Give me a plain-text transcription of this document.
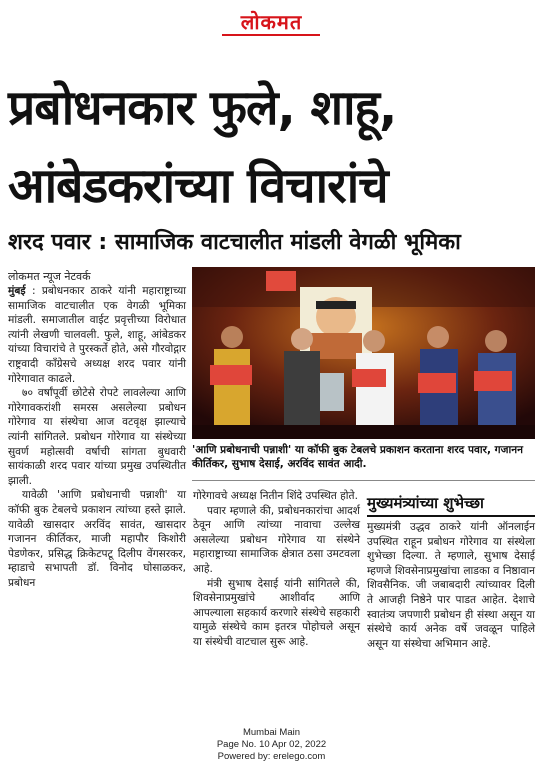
लोकमत
प्रबोधनकार फुले, शाहू,
आंबेडकरांच्या विचारांचे
शरद पवार : सामाजिक वाटचालीत मांडली वेगळी भूमिका
लोकमत न्यूज नेटवर्क

मुंबई : प्रबोधनकार ठाकरे यांनी महाराष्ट्राच्या सामाजिक वाटचालीत एक वेगळी भूमिका मांडली. समाजातील वाईट प्रवृत्तीच्या विरोधात त्यांनी लेखणी चालवली. फुले, शाहू, आंबेडकर यांच्या विचारांचे ते पुरस्कर्ते होते, असे गौरवोद्गार राष्ट्रवादी काँग्रेसचे अध्यक्ष शरद पवार यांनी गोरेगावात काढले.

७० वर्षांपूर्वी छोटेसे रोपटे लावलेल्या आणि गोरेगावकरांशी समरस असलेल्या प्रबोधन गोरेगाव या संस्थेचा आज वटवृक्ष झाल्याचे त्यांनी सांगितले. प्रबोधन गोरेगाव या संस्थेच्या सुवर्ण महोत्सवी वर्षाची सांगता बुधवारी सायंकाळी शरद पवार यांच्या प्रमुख उपस्थितीत झाली.

यावेळी 'आणि प्रबोधनाची पन्नाशी' या कॉफी बुक टेबलचे प्रकाशन त्यांच्या हस्ते झाले. यावेळी खासदार अरविंद सावंत, खासदार गजानन कीर्तिकर, माजी महापौर किशोरी पेडणेकर, प्रसिद्ध क्रिकेटपटू दिलीप वेंगसरकर, म्हाडाचे सभापती डॉ. विनोद घोसाळकर, प्रबोधन

'आणि प्रबोधनाची पन्नाशी' या कॉफी बुक टेबलचे प्रकाशन करताना शरद पवार, गजानन कीर्तिकर, सुभाष देसाई, अरविंद सावंत आदी.

गोरेगावचे अध्यक्ष नितीन शिंदे उपस्थित होते.

पवार म्हणाले की, प्रबोधनकारांचा आदर्श ठेवून आणि त्यांच्या नावाचा उल्लेख असलेल्या प्रबोधन गोरेगाव या संस्थेने महाराष्ट्राच्या सामाजिक क्षेत्रात ठसा उमटवला आहे.

मंत्री सुभाष देसाई यांनी सांगितले की, शिवसेनाप्रमुखांचे आशीर्वाद आणि आपल्याला सहकार्य करणारे संस्थेचे सहकारी यामुळे संस्थेचे काम इतरत्र पोहोचले असून या संस्थेची वाटचाल सुरू आहे.

मुख्यमंत्र्यांच्या शुभेच्छा

मुख्यमंत्री उद्धव ठाकरे यांनी ऑनलाईन उपस्थित राहून प्रबोधन गोरेगाव या संस्थेला शुभेच्छा दिल्या. ते म्हणाले, सुभाष देसाई म्हणजे शिवसेनाप्रमुखांचा लाडका व निष्ठावान शिवसैनिक. जी जबाबदारी त्यांच्यावर दिली ते आजही निष्ठेने पार पाडत आहेत. देशाचे स्वातंत्र्य जपणारी प्रबोधन ही संस्था असून या संस्थेचे कार्य अनेक वर्षे जवळून पाहिले असून या संस्थेचा अभिमान आहे.

Mumbai Main
Page No. 10 Apr 02, 2022
Powered by: erelego.com
